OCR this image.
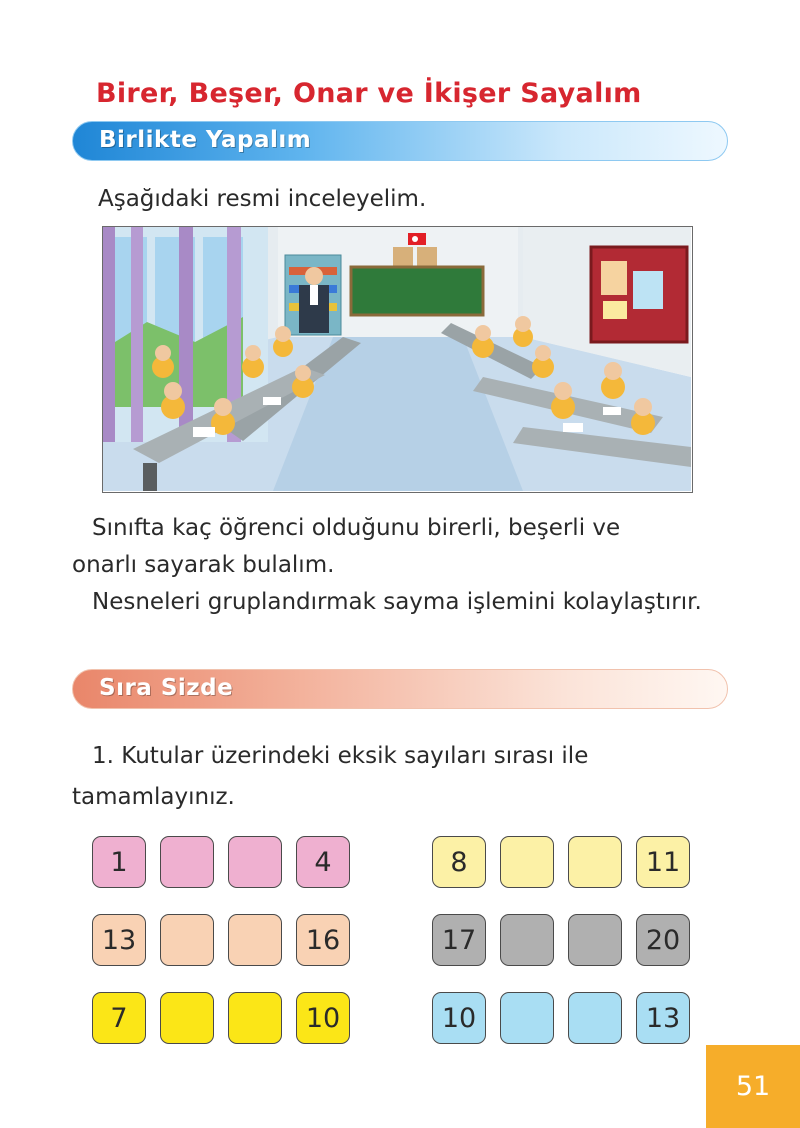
Birer, Beşer, Onar ve İkişer Sayalım
Birlikte Yapalım
Aşağıdaki resmi inceleyelim.
Sınıfta kaç öğrenci olduğunu birerli, beşerli ve
onarlı sayarak bulalım.
Nesneleri gruplandırmak sayma işlemini kolaylaştırır.
Sıra Sizde
1. Kutular üzerindeki eksik sayıları sırası ile
tamamlayınız.
1	4
13	16
7	10
8	11
17	20
10	13
51
